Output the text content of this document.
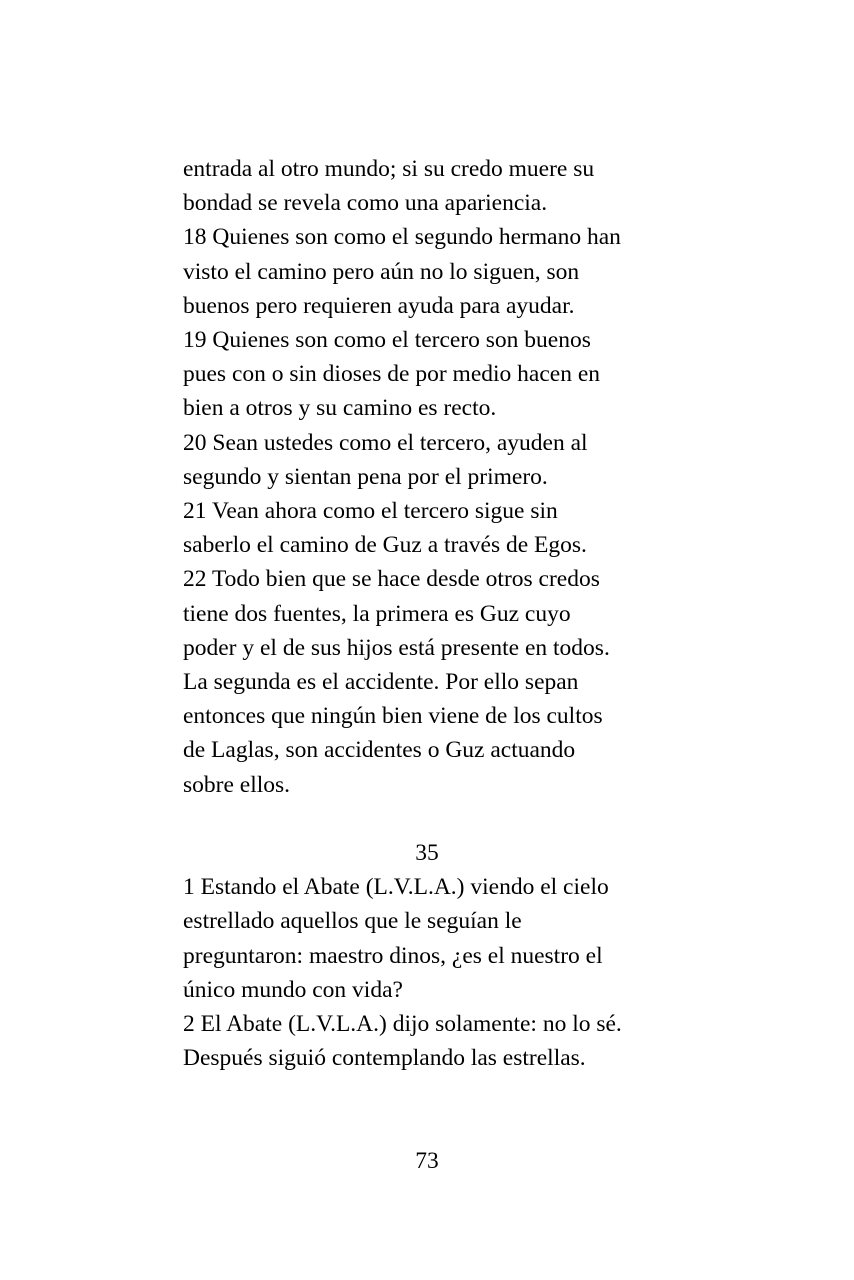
entrada al otro mundo; si su credo muere su
bondad se revela como una apariencia.
18 Quienes son como el segundo hermano han
visto el camino pero aún no lo siguen, son
buenos pero requieren ayuda para ayudar.
19 Quienes son como el tercero son buenos
pues con o sin dioses de por medio hacen en
bien a otros y su camino es recto.
20 Sean ustedes como el tercero, ayuden al
segundo y sientan pena por el primero.
21 Vean ahora como el tercero sigue sin
saberlo el camino de Guz a través de Egos.
22 Todo bien que se hace desde otros credos
tiene dos fuentes, la primera es Guz cuyo
poder y el de sus hijos está presente en todos.
La segunda es el accidente. Por ello sepan
entonces que ningún bien viene de los cultos
de Laglas, son accidentes o Guz actuando
sobre ellos.
35
1 Estando el Abate (L.V.L.A.) viendo el cielo
estrellado aquellos que le seguían le
preguntaron: maestro dinos, ¿es el nuestro el
único mundo con vida?
2 El Abate (L.V.L.A.) dijo solamente: no lo sé.
Después siguió contemplando las estrellas.
73
